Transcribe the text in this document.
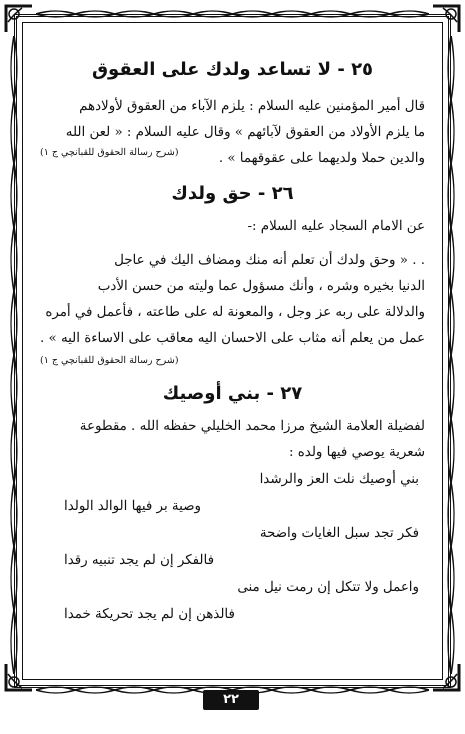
٢٥ - لا تساعد ولدك على العقوق

قال أمير المؤمنين عليه السلام : يلزم الآباء من العقوق لأولادهم

ما يلزم الأولاد من العقوق لآبائهم » وقال عليه السلام : « لعن الله

والدين حملا ولديهما على عقوقهما » .
(شرح رسالة الحقوق للقبانچي ج ١)

٢٦ - حق ولدك

عن الامام السجاد عليه السلام :-

. . « وحق ولدك أن تعلم أنه منك ومضاف اليك في عاجل

الدنيا بخيره وشره ، وأنك مسؤول عما وليته من حسن الأدب

والدلالة على ربه عز وجل ، والمعونة له على طاعته ، فأعمل في أمره

عمل من يعلم أنه مثاب على الاحسان اليه معاقب على الاساءة اليه » .

(شرح رسالة الحقوق للقبانچي ج ١)

٢٧ - بني أوصيك

لفضيلة العلامة الشيخ مرزا محمد الخليلي حفظه الله . مقطوعة

شعرية يوصي فيها ولده :

بني أوصيك نلت العز والرشدا

وصية بر فيها الوالد الولدا

فكر تجد سبل الغايات واضحة

فالفكر إن لم يجد تنبيه رقدا

واعمل ولا تتكل إن رمت نيل منى

فالذهن إن لم يجد تحريكة خمدا

٢٢
